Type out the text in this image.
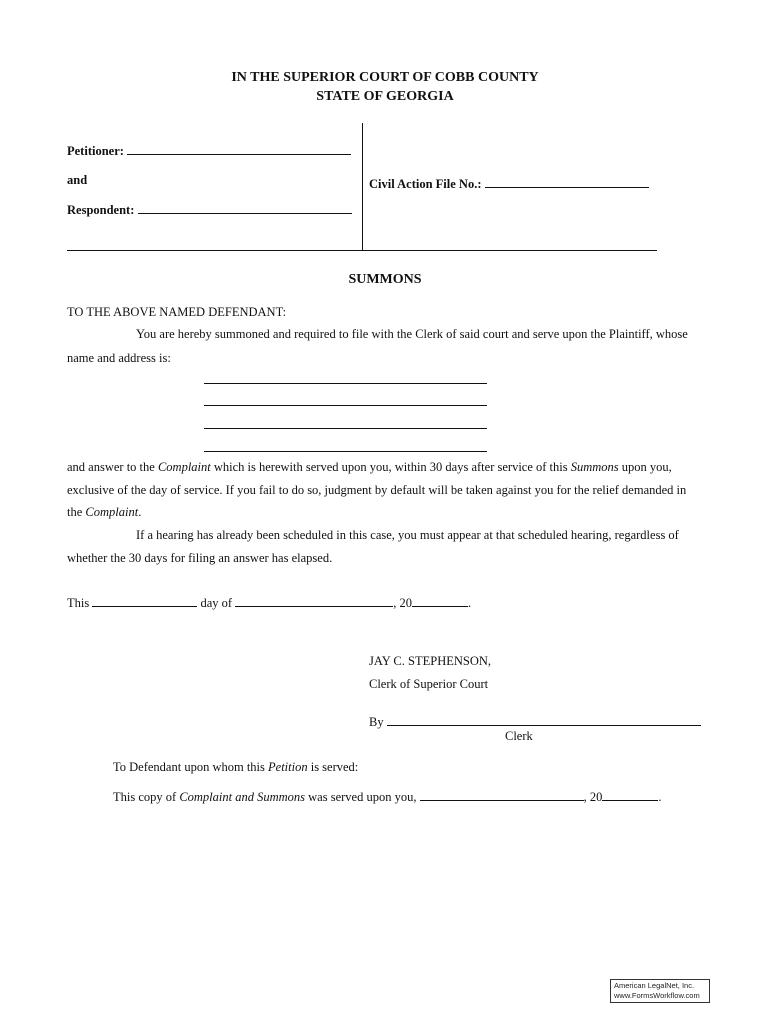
IN THE SUPERIOR COURT OF COBB COUNTY
STATE OF GEORGIA
Petitioner:
and
Respondent:
Civil Action File No.:
SUMMONS
TO THE ABOVE NAMED DEFENDANT:
You are hereby summoned and required to file with the Clerk of said court and serve upon the Plaintiff, whose
name and address is:
and answer to the Complaint which is herewith served upon you, within 30 days after service of this Summons upon you,
exclusive of the day of service. If you fail to do so, judgment by default will be taken against you for the relief demanded in
the Complaint.
If a hearing has already been scheduled in this case, you must appear at that scheduled hearing, regardless of
whether the 30 days for filing an answer has elapsed.
This	day of	, 20	.
JAY C. STEPHENSON,
Clerk of Superior Court
By
Clerk
To Defendant upon whom this Petition is served:
This copy of Complaint and Summons was served upon you,	, 20	.
American LegalNet, Inc.
www.FormsWorkflow.com
